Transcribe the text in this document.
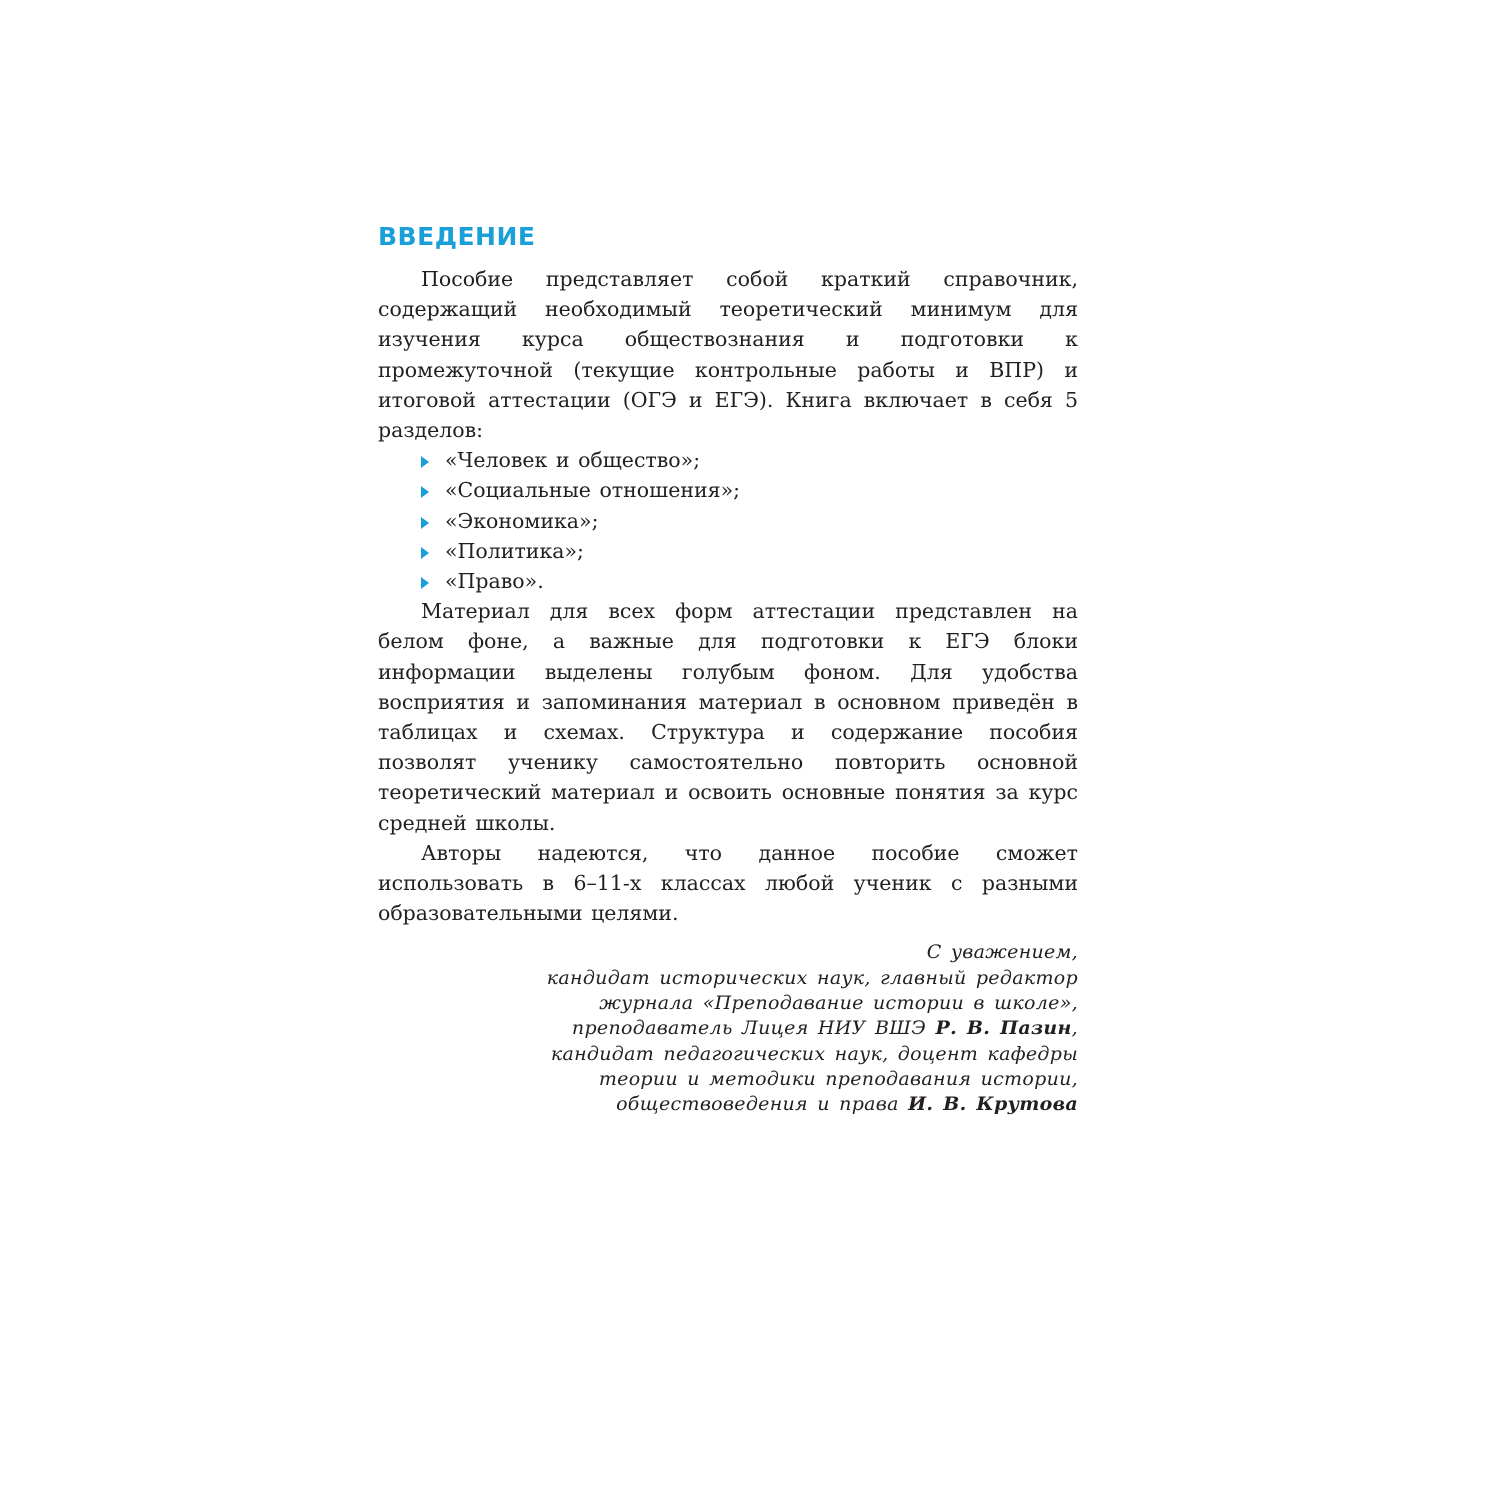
ВВЕДЕНИЕ

Пособие представляет собой краткий справочник, содержащий необходимый теоретический минимум для изучения курса обществознания и подготовки к промежуточной (текущие контрольные работы и ВПР) и итоговой аттестации (ОГЭ и ЕГЭ). Книга включает в себя 5 разделов:

«Человек и общество»;
«Социальные отношения»;
«Экономика»;
«Политика»;
«Право».

Материал для всех форм аттестации представлен на белом фоне, а важные для подготовки к ЕГЭ блоки информации выделены голубым фоном. Для удобства восприятия и запоминания материал в основном приведён в таблицах и схемах. Структура и содержание пособия позволят ученику самостоятельно повторить основной теоретический материал и освоить основные понятия за курс средней школы.

Авторы надеются, что данное пособие сможет использовать в 6–11-х классах любой ученик с разными образовательными целями.

С уважением,
кандидат исторических наук, главный редактор
журнала «Преподавание истории в школе»,
преподаватель Лицея НИУ ВШЭ Р. В. Пазин,
кандидат педагогических наук, доцент кафедры
теории и методики преподавания истории,
обществоведения и права И. В. Крутова
